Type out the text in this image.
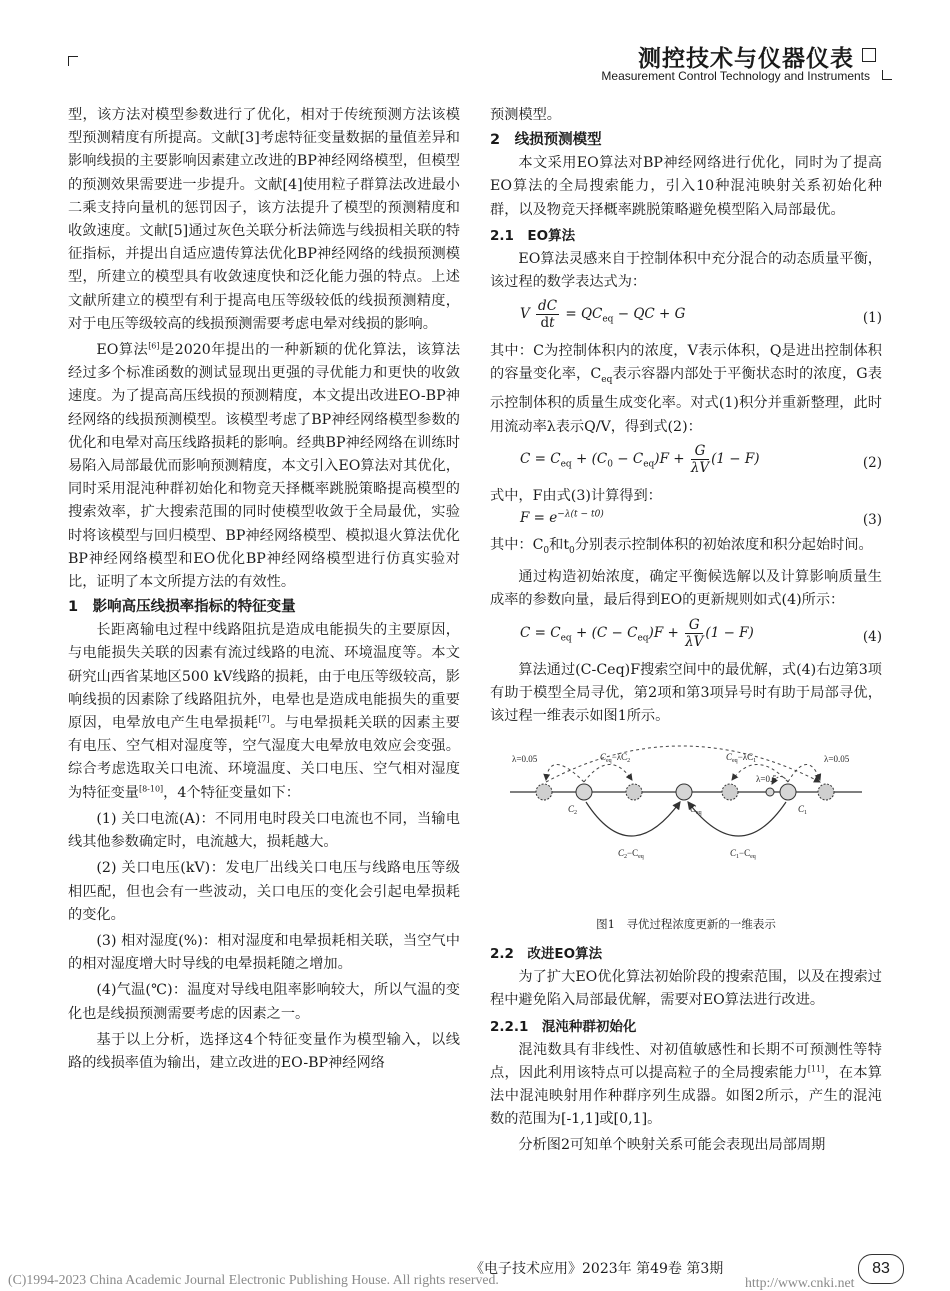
测控技术与仪器仪表
Measurement Control Technology and Instruments

型，该方法对模型参数进行了优化，相对于传统预测方法该模型预测精度有所提高。文献[3]考虑特征变量数据的量值差异和影响线损的主要影响因素建立改进的BP神经网络模型，但模型的预测效果需要进一步提升。文献[4]使用粒子群算法改进最小二乘支持向量机的惩罚因子，该方法提升了模型的预测精度和收敛速度。文献[5]通过灰色关联分析法筛选与线损相关联的特征指标，并提出自适应遗传算法优化BP神经网络的线损预测模型，所建立的模型具有收敛速度快和泛化能力强的特点。上述文献所建立的模型有利于提高电压等级较低的线损预测精度，对于电压等级较高的线损预测需要考虑电晕对线损的影响。

EO算法[6]是2020年提出的一种新颖的优化算法，该算法经过多个标准函数的测试显现出更强的寻优能力和更快的收敛速度。为了提高高压线损的预测精度，本文提出改进EO-BP神经网络的线损预测模型。该模型考虑了BP神经网络模型参数的优化和电晕对高压线路损耗的影响。经典BP神经网络在训练时易陷入局部最优而影响预测精度，本文引入EO算法对其优化，同时采用混沌种群初始化和物竞天择概率跳脱策略提高模型的搜索效率，扩大搜索范围的同时使模型收敛于全局最优，实验时将该模型与回归模型、BP神经网络模型、模拟退火算法优化BP神经网络模型和EO优化BP神经网络模型进行仿真实验对比，证明了本文所提方法的有效性。

1　影响高压线损率指标的特征变量

长距离输电过程中线路阻抗是造成电能损失的主要原因，与电能损失关联的因素有流过线路的电流、环境温度等。本文研究山西省某地区500 kV线路的损耗，由于电压等级较高，影响线损的因素除了线路阻抗外，电晕也是造成电能损失的重要原因，电晕放电产生电晕损耗[7]。与电晕损耗关联的因素主要有电压、空气相对湿度等，空气湿度大电晕放电效应会变强。综合考虑选取关口电流、环境温度、关口电压、空气相对湿度为特征变量[8-10]，4个特征变量如下：

(1) 关口电流(A)：不同用电时段关口电流也不同，当输电线其他参数确定时，电流越大，损耗越大。

(2) 关口电压(kV)：发电厂出线关口电压与线路电压等级相匹配，但也会有一些波动，关口电压的变化会引起电晕损耗的变化。

(3) 相对湿度(%)：相对湿度和电晕损耗相关联，当空气中的相对湿度增大时导线的电晕损耗随之增加。

(4)气温(℃)：温度对导线电阻率影响较大，所以气温的变化也是线损预测需要考虑的因素之一。

基于以上分析，选择这4个特征变量作为模型输入，以线路的线损率值为输出，建立改进的EO-BP神经网络

预测模型。

2　线损预测模型

本文采用EO算法对BP神经网络进行优化，同时为了提高EO算法的全局搜索能力，引入10种混沌映射关系初始化种群，以及物竞天择概率跳脱策略避免模型陷入局部最优。

2.1　EO算法

EO算法灵感来自于控制体积中充分混合的动态质量平衡，该过程的数学表达式为：

V $\frac{dC}{dt} = QC_{eq}$ − QC + G	(1)

其中：C为控制体积内的浓度，V表示体积，Q是进出控制体积的容量变化率，$C_{eq}$表示容器内部处于平衡状态时的浓度，G表示控制体积的质量生成变化率。对式(1)积分并重新整理，此时用流动率λ表示Q/V，得到式(2)：

$C = C_{eq} + (C_0 - C_{eq})F + \frac{G}{\lambda V} (1 - F)$	(2)

式中，F由式(3)计算得到：

$F = e^{-\lambda(t - t0)}$	(3)

其中：$C_0$和$t_0$分别表示控制体积的初始浓度和积分起始时间。

通过构造初始浓度，确定平衡候选解以及计算影响质量生成率的参数向量，最后得到EO的更新规则如式(4)所示：

$C = C_{eq} + (C - C_{eq})F + \frac{G}{\lambda V} (1 - F)$	(4)

算法通过(C-Ceq)F搜索空间中的最优解，式(4)右边第3项有助于模型全局寻优，第2项和第3项异号时有助于局部寻优，该过程一维表示如图1所示。

λ=0.05	λ=0.05
λ=0.5
$C_{eq}-\lambda C_2$	$C_{eq}-\lambda C_1$
$C_2$	$C_{eq}$	$C_1$
$C_2-C_{eq}$	$C_1-C_{eq}$
图1　寻优过程浓度更新的一维表示
2.2　改进EO算法

为了扩大EO优化算法初始阶段的搜索范围，以及在搜索过程中避免陷入局部最优解，需要对EO算法进行改进。

2.2.1　混沌种群初始化

混沌数具有非线性、对初值敏感性和长期不可预测性等特点，因此利用该特点可以提高粒子的全局搜索能力[11]，在本算法中混沌映射用作种群序列生成器。如图2所示，产生的混沌数的范围为[-1,1]或[0,1]。

分析图2可知单个映射关系可能会表现出局部周期

《电子技术应用》2023年 第49卷 第3期	83
(C)1994-2023 China Academic Journal Electronic Publishing House. All rights reserved.	http://www.cnki.net
